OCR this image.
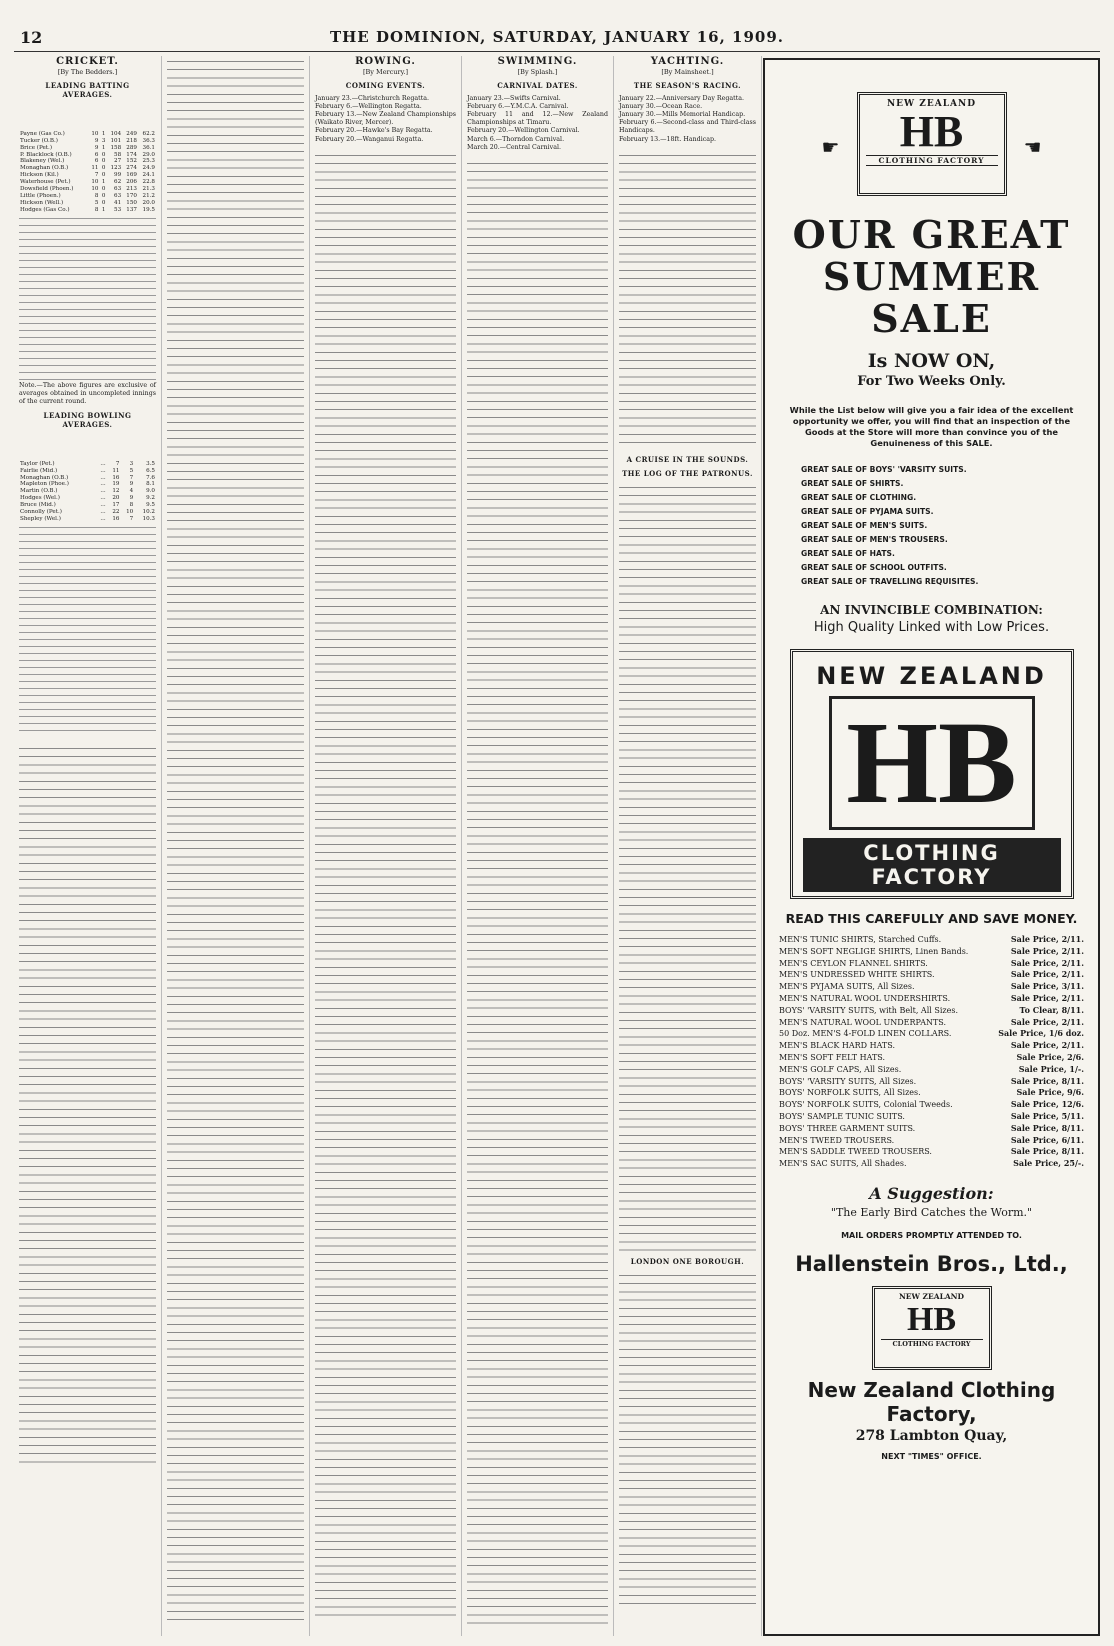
12	THE DOMINION, SATURDAY, JANUARY 16, 1909.
CRICKET.
[By The Bedders.]
LEADING BATTING AVERAGES.
Payne (Gas Co.)	10	1	104	249	62.2
Tucker (O.B.)	9	3	101	218	36.3
Brice (Pet.)	9	1	158	289	36.1
P. Blacklock (O.B.)	6	0	58	174	29.0
Blakeney (Wel.)	6	0	27	152	25.3
Monaghan (O.B.)	11	0	123	274	24.9
Hickson (Kil.)	7	0	99	169	24.1
Waterhouse (Pet.)	10	1	62	206	22.8
Dowsfield (Phoen.)	10	0	63	213	21.3
Little (Phoen.)	8	0	63	170	21.2
Hickson (Well.)	5	0	41	150	20.0
Hodges (Gas Co.)	8	1	53	137	19.5

Note.—The above figures are exclusive of averages obtained in uncompleted innings of the current round.

LEADING BOWLING AVERAGES.
Taylor (Pet.)	...	7	3	3.5
Fairlie (Mid.)	...	11	5	6.5
Monaghan (O.B.)	...	16	7	7.6
Mapleton (Phoe.)	...	19	9	8.1
Martin (O.B.)	...	12	4	9.0
Hodges (Wel.)	...	20	9	9.2
Bruce (Mid.)	...	17	8	9.5
Connolly (Pet.)	...	22	10	10.2
Shepley (Wel.)	...	16	7	10.3
ROWING.
[By Mercury.]
COMING EVENTS.
January 23.—Christchurch Regatta.
February 6.—Wellington Regatta.
February 13.—New Zealand Championships (Waikato River, Mercer).
February 20.—Hawke's Bay Regatta.
February 20.—Wanganui Regatta.
SWIMMING.
[By Splash.]
CARNIVAL DATES.
January 23.—Swifts Carnival.
February 6.—Y.M.C.A. Carnival.
February 11 and 12.—New Zealand Championships at Timaru.
February 20.—Wellington Carnival.
March 6.—Thorndon Carnival.
March 20.—Central Carnival.
YACHTING.
[By Mainsheet.]
THE SEASON'S RACING.
January 22.—Anniversary Day Regatta.
January 30.—Ocean Race.
January 30.—Mills Memorial Handicap.
February 6.—Second-class and Third-class Handicaps.
February 13.—18ft. Handicap.
A CRUISE IN THE SOUNDS.
THE LOG OF THE PATRONUS.
LONDON ONE BOROUGH.
☛	☚
NEW ZEALAND
HB
CLOTHING FACTORY
OUR GREAT SUMMER SALE
Is NOW ON,
For Two Weeks Only.
While the List below will give you a fair idea of the excellent opportunity we offer, you will find that an inspection of the Goods at the Store will more than convince you of the Genuineness of this SALE.
GREAT SALE OF BOYS' 'VARSITY SUITS.
GREAT SALE OF SHIRTS.
GREAT SALE OF CLOTHING.
GREAT SALE OF PYJAMA SUITS.
GREAT SALE OF MEN'S SUITS.
GREAT SALE OF MEN'S TROUSERS.
GREAT SALE OF HATS.
GREAT SALE OF SCHOOL OUTFITS.
GREAT SALE OF TRAVELLING REQUISITES.
AN INVINCIBLE COMBINATION:
High Quality Linked with Low Prices.
NEW ZEALAND
HB
CLOTHING FACTORY
READ THIS CAREFULLY AND SAVE MONEY.
MEN'S TUNIC SHIRTS, Starched Cuffs.	Sale Price, 2/11.
MEN'S SOFT NEGLIGE SHIRTS, Linen Bands.	Sale Price, 2/11.
MEN'S CEYLON FLANNEL SHIRTS.	Sale Price, 2/11.
MEN'S UNDRESSED WHITE SHIRTS.	Sale Price, 2/11.
MEN'S PYJAMA SUITS, All Sizes.	Sale Price, 3/11.
MEN'S NATURAL WOOL UNDERSHIRTS.	Sale Price, 2/11.
BOYS' 'VARSITY SUITS, with Belt, All Sizes.	To Clear, 8/11.
MEN'S NATURAL WOOL UNDERPANTS.	Sale Price, 2/11.
50 Doz. MEN'S 4-FOLD LINEN COLLARS.	Sale Price, 1/6 doz.
MEN'S BLACK HARD HATS.	Sale Price, 2/11.
MEN'S SOFT FELT HATS.	Sale Price, 2/6.
MEN'S GOLF CAPS, All Sizes.	Sale Price, 1/-.
BOYS' 'VARSITY SUITS, All Sizes.	Sale Price, 8/11.
BOYS' NORFOLK SUITS, All Sizes.	Sale Price, 9/6.
BOYS' NORFOLK SUITS, Colonial Tweeds.	Sale Price, 12/6.
BOYS' SAMPLE TUNIC SUITS.	Sale Price, 5/11.
BOYS' THREE GARMENT SUITS.	Sale Price, 8/11.
MEN'S TWEED TROUSERS.	Sale Price, 6/11.
MEN'S SADDLE TWEED TROUSERS.	Sale Price, 8/11.
MEN'S SAC SUITS, All Shades.	Sale Price, 25/-.
A Suggestion:
"The Early Bird Catches the Worm."
MAIL ORDERS PROMPTLY ATTENDED TO.
Hallenstein Bros., Ltd.,
NEW ZEALAND
HB
CLOTHING FACTORY
New Zealand Clothing Factory,
278 Lambton Quay,
NEXT "TIMES" OFFICE.
